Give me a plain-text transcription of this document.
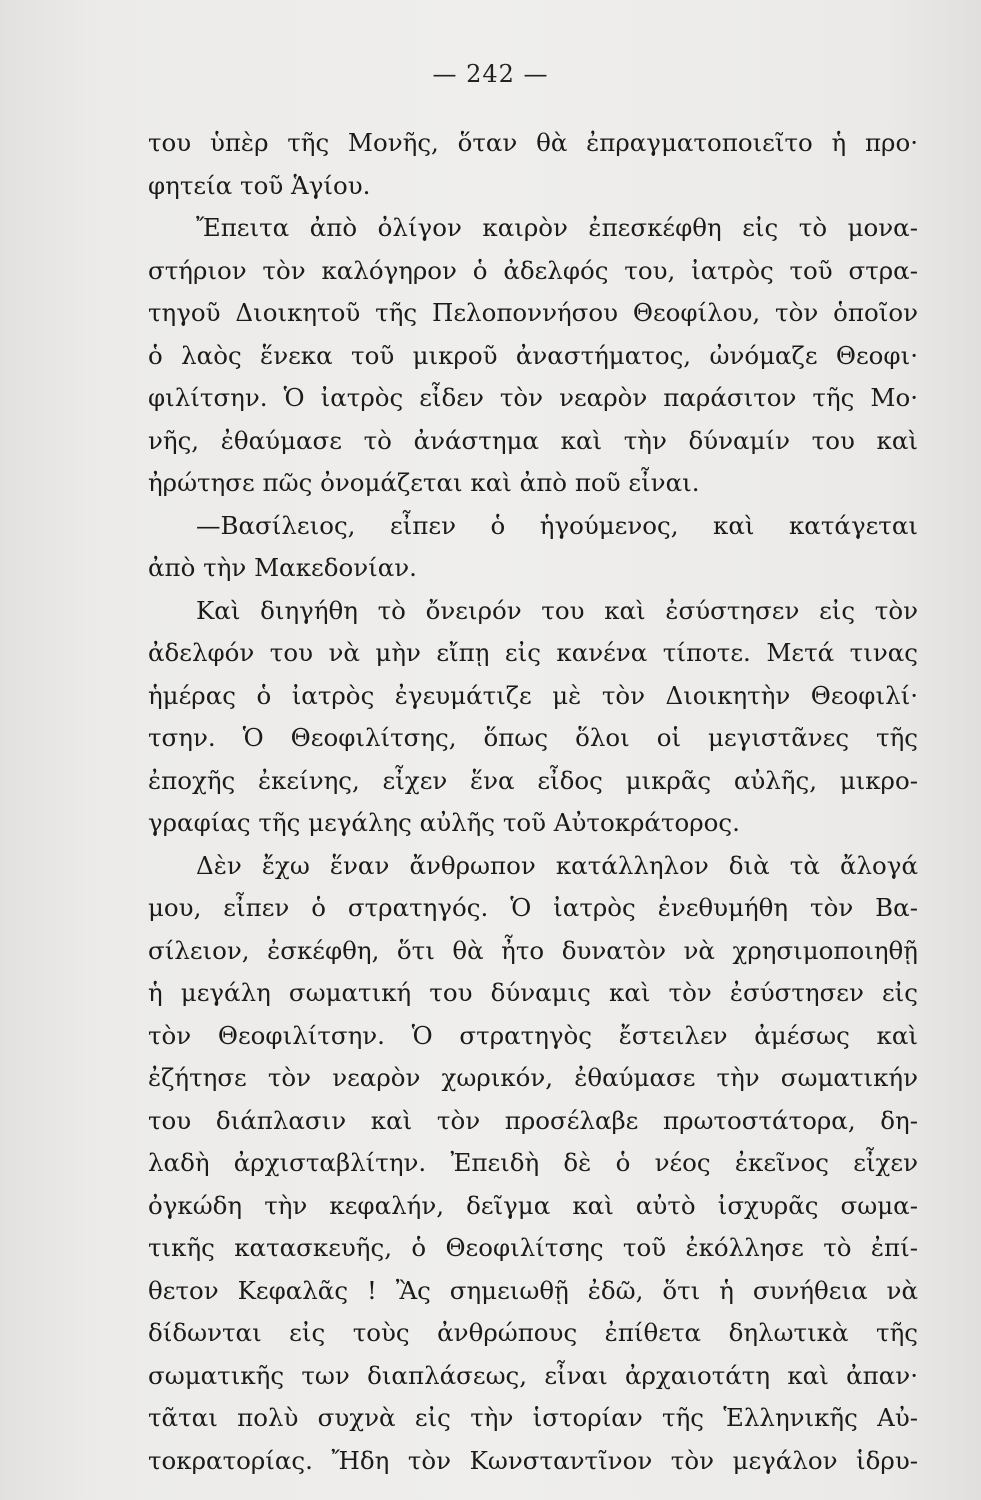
— 242 —
του ὑπὲρ τῆς Μονῆς, ὅταν θὰ ἐπραγματοποιεῖτο ἡ προ·
φητεία τοῦ Ἁγίου.
Ἔπειτα ἀπὸ ὀλίγον καιρὸν ἐπεσκέφθη εἰς τὸ μονα-
στήριον τὸν καλόγηρον ὁ ἀδελφός του, ἰατρὸς τοῦ στρα-
τηγοῦ Διοικητοῦ τῆς Πελοποννήσου Θεοφίλου, τὸν ὁποῖον
ὁ λαὸς ἕνεκα τοῦ μικροῦ ἀναστήματος, ὠνόμαζε Θεοφι·
φιλίτσην. Ὁ ἰατρὸς εἶδεν τὸν νεαρὸν παράσιτον τῆς Μο·
νῆς, ἐθαύμασε τὸ ἀνάστημα καὶ τὴν δύναμίν του καὶ
ἠρώτησε πῶς ὀνομάζεται καὶ ἀπὸ ποῦ εἶναι.
—Βασίλειος, εἶπεν ὁ ἡγούμενος, καὶ κατάγεται
ἀπὸ τὴν Μακεδονίαν.
Καὶ διηγήθη τὸ ὄνειρόν του καὶ ἐσύστησεν εἰς τὸν
ἀδελφόν του νὰ μὴν εἴπῃ εἰς κανένα τίποτε. Μετά τινας
ἡμέρας ὁ ἰατρὸς ἐγευμάτιζε μὲ τὸν Διοικητὴν Θεοφιλί·
τσην. Ὁ Θεοφιλίτσης, ὅπως ὅλοι οἱ μεγιστᾶνες τῆς
ἐποχῆς ἐκείνης, εἶχεν ἕνα εἶδος μικρᾶς αὐλῆς, μικρο-
γραφίας τῆς μεγάλης αὐλῆς τοῦ Αὐτοκράτορος.
Δὲν ἔχω ἕναν ἄνθρωπον κατάλληλον διὰ τὰ ἄλογά
μου, εἶπεν ὁ στρατηγός. Ὁ ἰατρὸς ἐνεθυμήθη τὸν Βα-
σίλειον, ἐσκέφθη, ὅτι θὰ ἦτο δυνατὸν νὰ χρησιμοποιηθῇ
ἡ μεγάλη σωματική του δύναμις καὶ τὸν ἐσύστησεν εἰς
τὸν Θεοφιλίτσην. Ὁ στρατηγὸς ἔστειλεν ἀμέσως καὶ
ἐζήτησε τὸν νεαρὸν χωρικόν, ἐθαύμασε τὴν σωματικήν
του διάπλασιν καὶ τὸν προσέλαβε πρωτοστάτορα, δη-
λαδὴ ἀρχισταβλίτην. Ἐπειδὴ δὲ ὁ νέος ἐκεῖνος εἶχεν
ὀγκώδη τὴν κεφαλήν, δεῖγμα καὶ αὐτὸ ἰσχυρᾶς σωμα-
τικῆς κατασκευῆς, ὁ Θεοφιλίτσης τοῦ ἐκόλλησε τὸ ἐπί-
θετον Κεφαλᾶς ! Ἂς σημειωθῇ ἐδῶ, ὅτι ἡ συνήθεια νὰ
δίδωνται εἰς τοὺς ἀνθρώπους ἐπίθετα δηλωτικὰ τῆς
σωματικῆς των διαπλάσεως, εἶναι ἀρχαιοτάτη καὶ ἀπαν·
τᾶται πολὺ συχνὰ εἰς τὴν ἱστορίαν τῆς Ἑλληνικῆς Αὐ-
τοκρατορίας. Ἤδη τὸν Κωνσταντῖνον τὸν μεγάλον ἱδρυ-
